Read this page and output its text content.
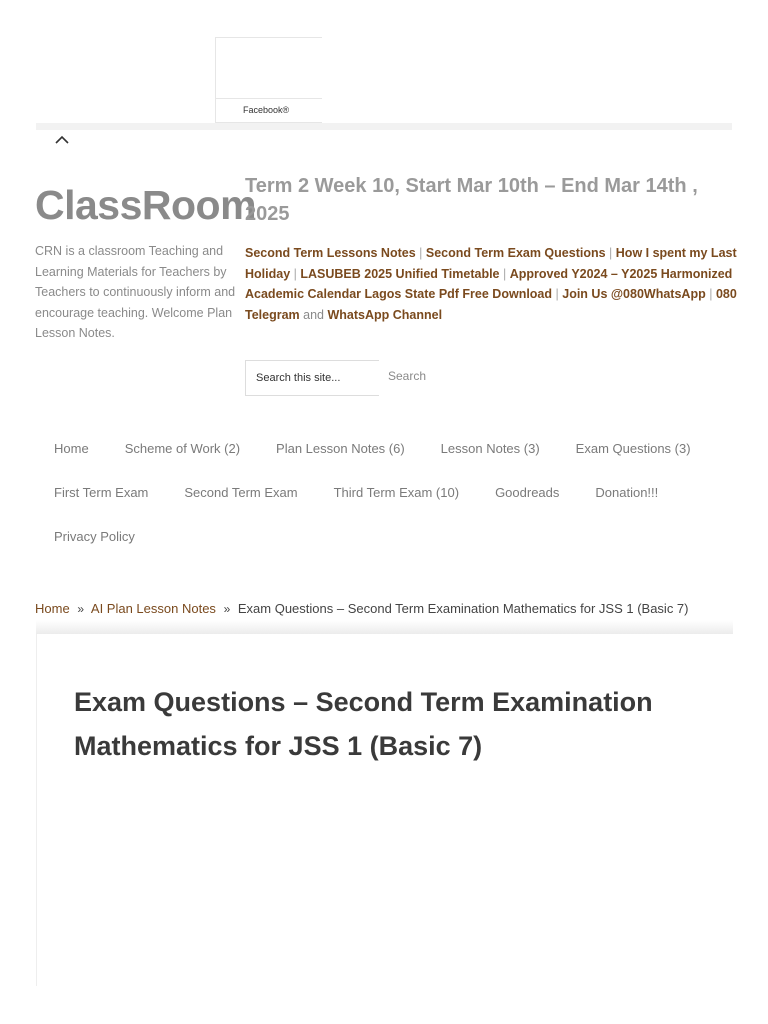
Facebook®
ClassRoom
CRN is a classroom Teaching and Learning Materials for Teachers by Teachers to continuously inform and encourage teaching. Welcome Plan Lesson Notes.
Term 2 Week 10, Start Mar 10th – End Mar 14th , 2025
Second Term Lessons Notes | Second Term Exam Questions | How I spent my Last Holiday | LASUBEB 2025 Unified Timetable | Approved Y2024 – Y2025 Harmonized Academic Calendar Lagos State Pdf Free Download | Join Us @080WhatsApp | 080 Telegram and WhatsApp Channel
Search this site...
Search
Home	Scheme of Work (2)	Plan Lesson Notes (6)	Lesson Notes (3)	Exam Questions (3)
First Term Exam	Second Term Exam	Third Term Exam (10)	Goodreads	Donation!!!
Privacy Policy
Home » AI Plan Lesson Notes » Exam Questions – Second Term Examination Mathematics for JSS 1 (Basic 7)
Exam Questions – Second Term Examination Mathematics for JSS 1 (Basic 7)
